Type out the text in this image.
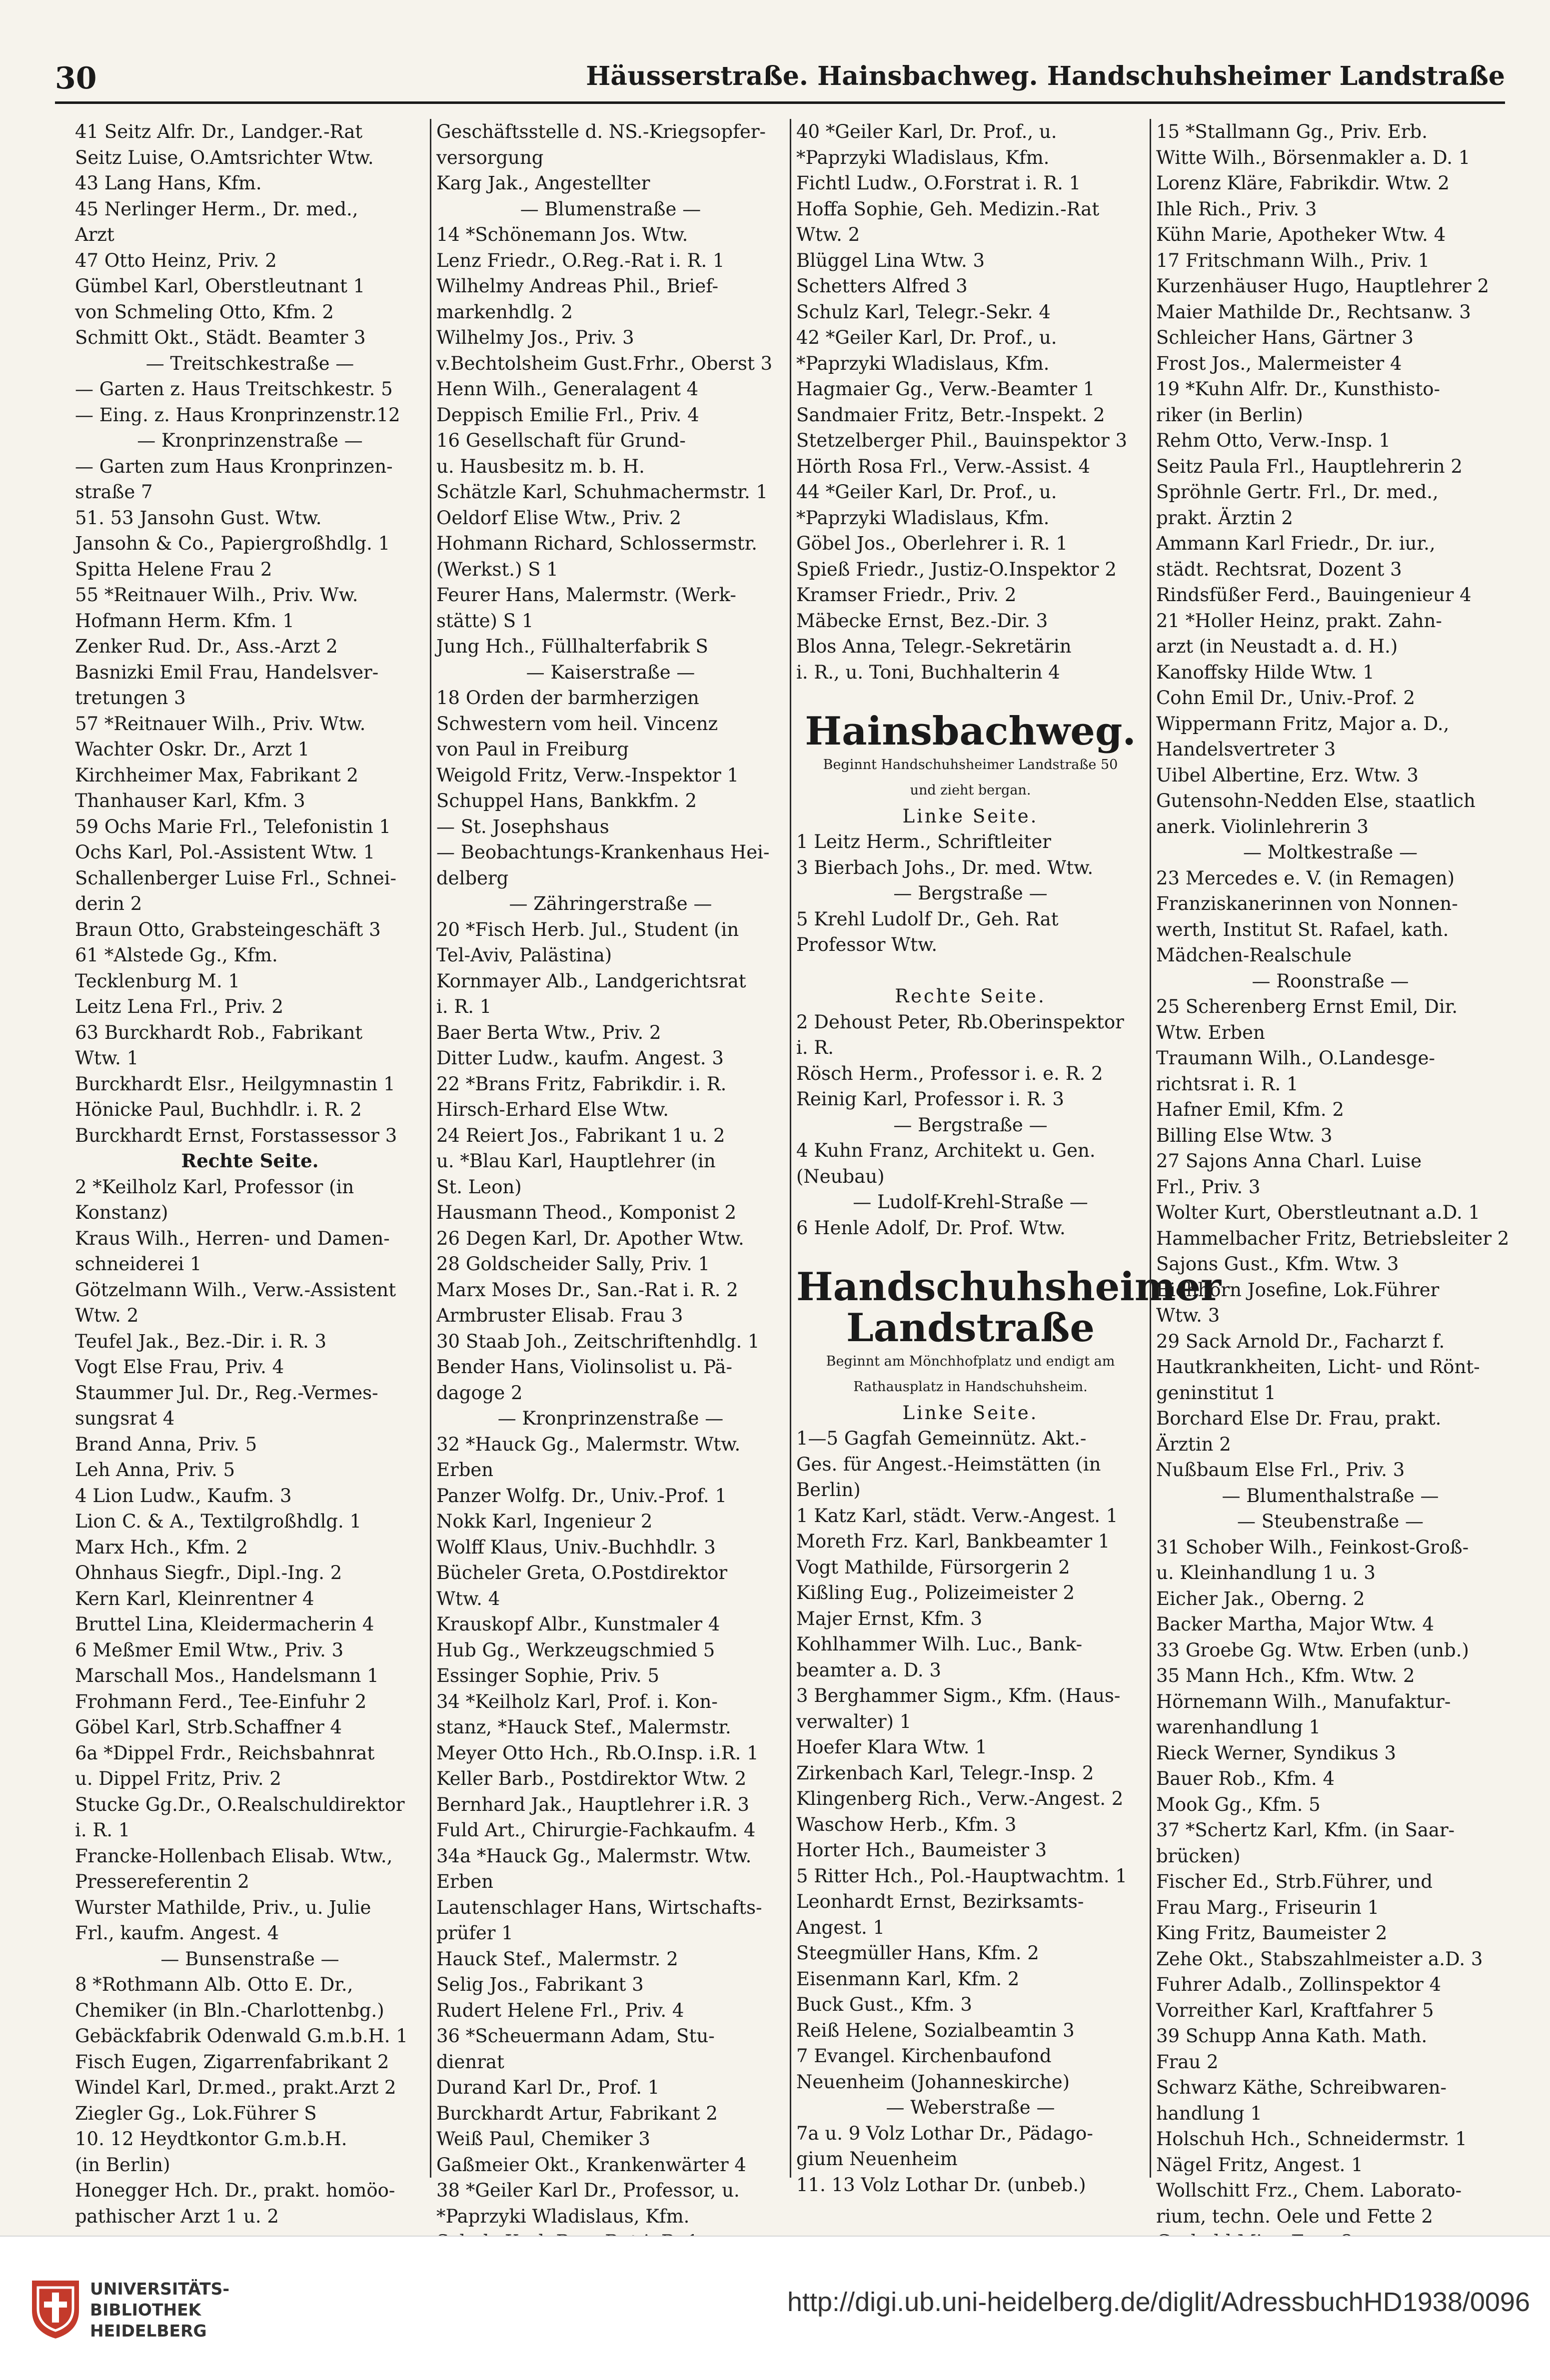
30	Häusserstraße. Hainsbachweg. Handschuhsheimer Landstraße
41 Seitz Alfr. Dr., Landger.-Rat
Seitz Luise, O.Amtsrichter Wtw.
43 Lang Hans, Kfm.
45 Nerlinger Herm., Dr. med.,
Arzt
47 Otto Heinz, Priv. 2
Gümbel Karl, Oberstleutnant 1
von Schmeling Otto, Kfm. 2
Schmitt Okt., Städt. Beamter 3
— Treitschkestraße —
— Garten z. Haus Treitschkestr. 5
— Eing. z. Haus Kronprinzenstr.12
— Kronprinzenstraße —
— Garten zum Haus Kronprinzen-
straße 7
51. 53 Jansohn Gust. Wtw.
Jansohn & Co., Papiergroßhdlg. 1
Spitta Helene Frau 2
55 *Reitnauer Wilh., Priv. Ww.
Hofmann Herm. Kfm. 1
Zenker Rud. Dr., Ass.-Arzt 2
Basnizki Emil Frau, Handelsver-
tretungen 3
57 *Reitnauer Wilh., Priv. Wtw.
Wachter Oskr. Dr., Arzt 1
Kirchheimer Max, Fabrikant 2
Thanhauser Karl, Kfm. 3
59 Ochs Marie Frl., Telefonistin 1
Ochs Karl, Pol.-Assistent Wtw. 1
Schallenberger Luise Frl., Schnei-
derin 2
Braun Otto, Grabsteingeschäft 3
61 *Alstede Gg., Kfm.
Tecklenburg M. 1
Leitz Lena Frl., Priv. 2
63 Burckhardt Rob., Fabrikant
Wtw. 1
Burckhardt Elsr., Heilgymnastin 1
Hönicke Paul, Buchhdlr. i. R. 2
Burckhardt Ernst, Forstassessor 3
Rechte Seite.
2 *Keilholz Karl, Professor (in
Konstanz)
Kraus Wilh., Herren- und Damen-
schneiderei 1
Götzelmann Wilh., Verw.-Assistent
Wtw. 2
Teufel Jak., Bez.-Dir. i. R. 3
Vogt Else Frau, Priv. 4
Staummer Jul. Dr., Reg.-Vermes-
sungsrat 4
Brand Anna, Priv. 5
Leh Anna, Priv. 5
4 Lion Ludw., Kaufm. 3
Lion C. & A., Textilgroßhdlg. 1
Marx Hch., Kfm. 2
Ohnhaus Siegfr., Dipl.-Ing. 2
Kern Karl, Kleinrentner 4
Bruttel Lina, Kleidermacherin 4
6 Meßmer Emil Wtw., Priv. 3
Marschall Mos., Handelsmann 1
Frohmann Ferd., Tee-Einfuhr 2
Göbel Karl, Strb.Schaffner 4
6a *Dippel Frdr., Reichsbahnrat
u. Dippel Fritz, Priv. 2
Stucke Gg.Dr., O.Realschuldirektor
i. R. 1
Francke-Hollenbach Elisab. Wtw.,
Pressereferentin 2
Wurster Mathilde, Priv., u. Julie
Frl., kaufm. Angest. 4
— Bunsenstraße —
8 *Rothmann Alb. Otto E. Dr.,
Chemiker (in Bln.-Charlottenbg.)
Gebäckfabrik Odenwald G.m.b.H. 1
Fisch Eugen, Zigarrenfabrikant 2
Windel Karl, Dr.med., prakt.Arzt 2
Ziegler Gg., Lok.Führer S
10. 12 Heydtkontor G.m.b.H.
(in Berlin)
Honegger Hch. Dr., prakt. homöo-
pathischer Arzt 1 u. 2
Geschäftsstelle d. NS.-Kriegsopfer-
versorgung
Karg Jak., Angestellter
— Blumenstraße —
14 *Schönemann Jos. Wtw.
Lenz Friedr., O.Reg.-Rat i. R. 1
Wilhelmy Andreas Phil., Brief-
markenhdlg. 2
Wilhelmy Jos., Priv. 3
v.Bechtolsheim Gust.Frhr., Oberst 3
Henn Wilh., Generalagent 4
Deppisch Emilie Frl., Priv. 4
16 Gesellschaft für Grund-
u. Hausbesitz m. b. H.
Schätzle Karl, Schuhmachermstr. 1
Oeldorf Elise Wtw., Priv. 2
Hohmann Richard, Schlossermstr.
(Werkst.) S 1
Feurer Hans, Malermstr. (Werk-
stätte) S 1
Jung Hch., Füllhalterfabrik S
— Kaiserstraße —
18 Orden der barmherzigen
Schwestern vom heil. Vincenz
von Paul in Freiburg
Weigold Fritz, Verw.-Inspektor 1
Schuppel Hans, Bankkfm. 2
— St. Josephshaus
— Beobachtungs-Krankenhaus Hei-
delberg
— Zähringerstraße —
20 *Fisch Herb. Jul., Student (in
Tel-Aviv, Palästina)
Kornmayer Alb., Landgerichtsrat
i. R. 1
Baer Berta Wtw., Priv. 2
Ditter Ludw., kaufm. Angest. 3
22 *Brans Fritz, Fabrikdir. i. R.
Hirsch-Erhard Else Wtw.
24 Reiert Jos., Fabrikant 1 u. 2
u. *Blau Karl, Hauptlehrer (in
St. Leon)
Hausmann Theod., Komponist 2
26 Degen Karl, Dr. Apother Wtw.
28 Goldscheider Sally, Priv. 1
Marx Moses Dr., San.-Rat i. R. 2
Armbruster Elisab. Frau 3
30 Staab Joh., Zeitschriftenhdlg. 1
Bender Hans, Violinsolist u. Pä-
dagoge 2
— Kronprinzenstraße —
32 *Hauck Gg., Malermstr. Wtw.
Erben
Panzer Wolfg. Dr., Univ.-Prof. 1
Nokk Karl, Ingenieur 2
Wolff Klaus, Univ.-Buchhdlr. 3
Bücheler Greta, O.Postdirektor
Wtw. 4
Krauskopf Albr., Kunstmaler 4
Hub Gg., Werkzeugschmied 5
Essinger Sophie, Priv. 5
34 *Keilholz Karl, Prof. i. Kon-
stanz, *Hauck Stef., Malermstr.
Meyer Otto Hch., Rb.O.Insp. i.R. 1
Keller Barb., Postdirektor Wtw. 2
Bernhard Jak., Hauptlehrer i.R. 3
Fuld Art., Chirurgie-Fachkaufm. 4
34a *Hauck Gg., Malermstr. Wtw.
Erben
Lautenschlager Hans, Wirtschafts-
prüfer 1
Hauck Stef., Malermstr. 2
Selig Jos., Fabrikant 3
Rudert Helene Frl., Priv. 4
36 *Scheuermann Adam, Stu-
dienrat
Durand Karl Dr., Prof. 1
Burckhardt Artur, Fabrikant 2
Weiß Paul, Chemiker 3
Gaßmeier Okt., Krankenwärter 4
38 *Geiler Karl Dr., Professor, u.
*Paprzyki Wladislaus, Kfm.
40 *Geiler Karl, Dr. Prof., u.
*Paprzyki Wladislaus, Kfm.
Fichtl Ludw., O.Forstrat i. R. 1
Hoffa Sophie, Geh. Medizin.-Rat
Wtw. 2
Blüggel Lina Wtw. 3
Schetters Alfred 3
Schulz Karl, Telegr.-Sekr. 4
42 *Geiler Karl, Dr. Prof., u.
*Paprzyki Wladislaus, Kfm.
Hagmaier Gg., Verw.-Beamter 1
Sandmaier Fritz, Betr.-Inspekt. 2
Stetzelberger Phil., Bauinspektor 3
Hörth Rosa Frl., Verw.-Assist. 4
44 *Geiler Karl, Dr. Prof., u.
*Paprzyki Wladislaus, Kfm.
Göbel Jos., Oberlehrer i. R. 1
Spieß Friedr., Justiz-O.Inspektor 2
Kramser Friedr., Priv. 2
Mäbecke Ernst, Bez.-Dir. 3
Blos Anna, Telegr.-Sekretärin
i. R., u. Toni, Buchhalterin 4
Hainsbachweg.
Beginnt Handschuhsheimer Landstraße 50
und zieht bergan.
Linke Seite.
1 Leitz Herm., Schriftleiter
3 Bierbach Johs., Dr. med. Wtw.
— Bergstraße —
5 Krehl Ludolf Dr., Geh. Rat
Professor Wtw.
Rechte Seite.
2 Dehoust Peter, Rb.Oberinspektor
i. R.
Rösch Herm., Professor i. e. R. 2
Reinig Karl, Professor i. R. 3
— Bergstraße —
4 Kuhn Franz, Architekt u. Gen.
(Neubau)
— Ludolf-Krehl-Straße —
6 Henle Adolf, Dr. Prof. Wtw.
Handschuhsheimer
Landstraße
Beginnt am Mönchhofplatz und endigt am
Rathausplatz in Handschuhsheim.
Linke Seite.
1—5 Gagfah Gemeinnütz. Akt.-
Ges. für Angest.-Heimstätten (in
Berlin)
1 Katz Karl, städt. Verw.-Angest. 1
Moreth Frz. Karl, Bankbeamter 1
Vogt Mathilde, Fürsorgerin 2
Kißling Eug., Polizeimeister 2
Majer Ernst, Kfm. 3
Kohlhammer Wilh. Luc., Bank-
beamter a. D. 3
3 Berghammer Sigm., Kfm. (Haus-
verwalter) 1
Hoefer Klara Wtw. 1
Zirkenbach Karl, Telegr.-Insp. 2
Klingenberg Rich., Verw.-Angest. 2
Waschow Herb., Kfm. 3
Horter Hch., Baumeister 3
5 Ritter Hch., Pol.-Hauptwachtm. 1
Leonhardt Ernst, Bezirksamts-
Angest. 1
Steegmüller Hans, Kfm. 2
Eisenmann Karl, Kfm. 2
Buck Gust., Kfm. 3
Reiß Helene, Sozialbeamtin 3
7 Evangel. Kirchenbaufond
Neuenheim (Johanneskirche)
— Weberstraße —
7a u. 9 Volz Lothar Dr., Pädago-
gium Neuenheim
11. 13 Volz Lothar Dr. (unbeb.)
15 *Stallmann Gg., Priv. Erb.
Witte Wilh., Börsenmakler a. D. 1
Lorenz Kläre, Fabrikdir. Wtw. 2
Ihle Rich., Priv. 3
Kühn Marie, Apotheker Wtw. 4
17 Fritschmann Wilh., Priv. 1
Kurzenhäuser Hugo, Hauptlehrer 2
Maier Mathilde Dr., Rechtsanw. 3
Schleicher Hans, Gärtner 3
Frost Jos., Malermeister 4
19 *Kuhn Alfr. Dr., Kunsthisto-
riker (in Berlin)
Rehm Otto, Verw.-Insp. 1
Seitz Paula Frl., Hauptlehrerin 2
Spröhnle Gertr. Frl., Dr. med.,
prakt. Ärztin 2
Ammann Karl Friedr., Dr. iur.,
städt. Rechtsrat, Dozent 3
Rindsfüßer Ferd., Bauingenieur 4
21 *Holler Heinz, prakt. Zahn-
arzt (in Neustadt a. d. H.)
Kanoffsky Hilde Wtw. 1
Cohn Emil Dr., Univ.-Prof. 2
Wippermann Fritz, Major a. D.,
Handelsvertreter 3
Uibel Albertine, Erz. Wtw. 3
Gutensohn-Nedden Else, staatlich
anerk. Violinlehrerin 3
— Moltkestraße —
23 Mercedes e. V. (in Remagen)
Franziskanerinnen von Nonnen-
werth, Institut St. Rafael, kath.
Mädchen-Realschule
— Roonstraße —
25 Scherenberg Ernst Emil, Dir.
Wtw. Erben
Traumann Wilh., O.Landesge-
richtsrat i. R. 1
Hafner Emil, Kfm. 2
Billing Else Wtw. 3
27 Sajons Anna Charl. Luise
Frl., Priv. 3
Wolter Kurt, Oberstleutnant a.D. 1
Hammelbacher Fritz, Betriebsleiter 2
Sajons Gust., Kfm. Wtw. 3
Eichhorn Josefine, Lok.Führer
Wtw. 3
29 Sack Arnold Dr., Facharzt f.
Hautkrankheiten, Licht- und Rönt-
geninstitut 1
Borchard Else Dr. Frau, prakt.
Ärztin 2
Nußbaum Else Frl., Priv. 3
— Blumenthalstraße —
— Steubenstraße —
31 Schober Wilh., Feinkost-Groß-
u. Kleinhandlung 1 u. 3
Eicher Jak., Oberng. 2
Backer Martha, Major Wtw. 4
33 Groebe Gg. Wtw. Erben (unb.)
35 Mann Hch., Kfm. Wtw. 2
Hörnemann Wilh., Manufaktur-
warenhandlung 1
Rieck Werner, Syndikus 3
Bauer Rob., Kfm. 4
Mook Gg., Kfm. 5
37 *Schertz Karl, Kfm. (in Saar-
brücken)
Fischer Ed., Strb.Führer, und
Frau Marg., Friseurin 1
King Fritz, Baumeister 2
Zehe Okt., Stabszahlmeister a.D. 3
Fuhrer Adalb., Zollinspektor 4
Vorreither Karl, Kraftfahrer 5
39 Schupp Anna Kath. Math.
Frau 2
Schwarz Käthe, Schreibwaren-
handlung 1
Holschuh Hch., Schneidermstr. 1
Nägel Fritz, Angest. 1
Wollschitt Frz., Chem. Laborato-
rium, techn. Oele und Fette 2
UNIVERSITÄTS-
BIBLIOTHEK
HEIDELBERG
http://digi.ub.uni-heidelberg.de/diglit/AdressbuchHD1938/0096
